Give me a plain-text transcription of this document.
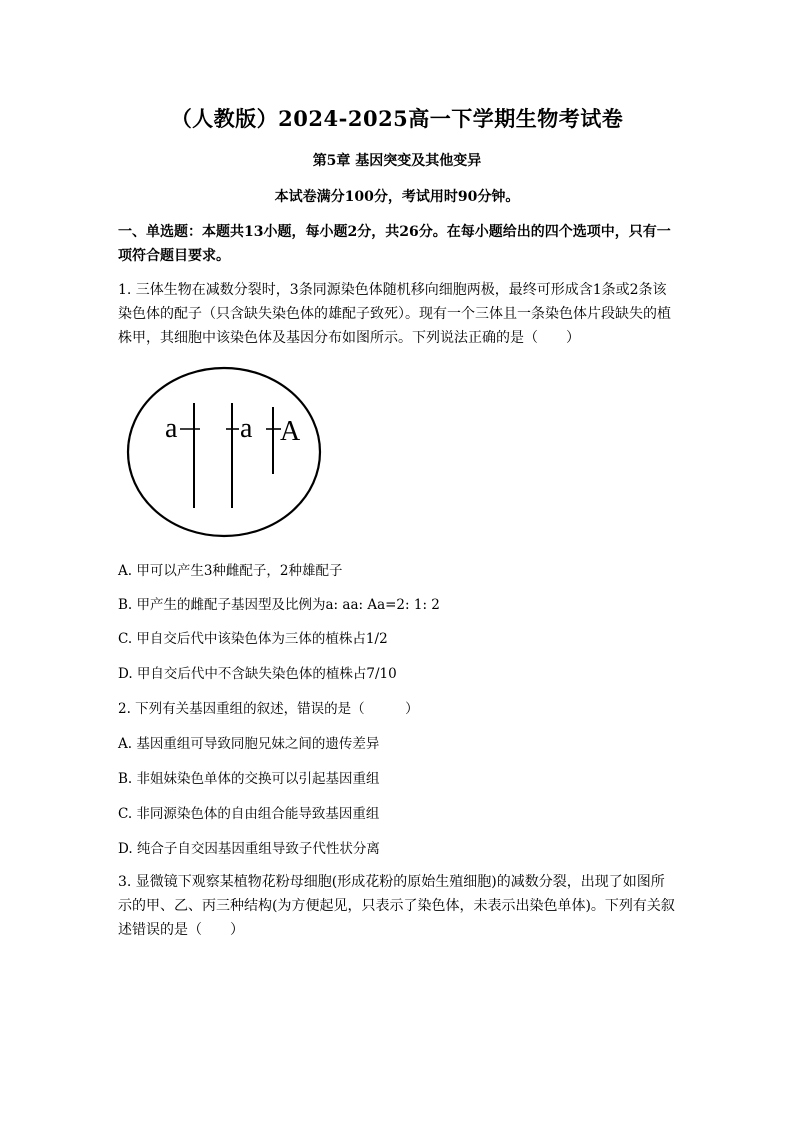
（人教版）2024-2025高一下学期生物考试卷
第5章 基因突变及其他变异
本试卷满分100分，考试用时90分钟。
一、单选题：本题共13小题，每小题2分，共26分。在每小题给出的四个选项中，只有一项符合题目要求。
1. 三体生物在减数分裂时，3条同源染色体随机移向细胞两极，最终可形成含1条或2条该染色体的配子（只含缺失染色体的雄配子致死）。现有一个三体且一条染色体片段缺失的植株甲，其细胞中该染色体及基因分布如图所示。下列说法正确的是（　　）
a a A
A. 甲可以产生3种雌配子，2种雄配子
B. 甲产生的雌配子基因型及比例为a: aa: Aa=2: 1: 2
C. 甲自交后代中该染色体为三体的植株占1/2
D. 甲自交后代中不含缺失染色体的植株占7/10
2. 下列有关基因重组的叙述，错误的是（　　　）
A. 基因重组可导致同胞兄妹之间的遗传差异
B. 非姐妹染色单体的交换可以引起基因重组
C. 非同源染色体的自由组合能导致基因重组
D. 纯合子自交因基因重组导致子代性状分离
3. 显微镜下观察某植物花粉母细胞(形成花粉的原始生殖细胞)的减数分裂，出现了如图所示的甲、乙、丙三种结构(为方便起见，只表示了染色体，未表示出染色单体)。下列有关叙述错误的是（　　）
